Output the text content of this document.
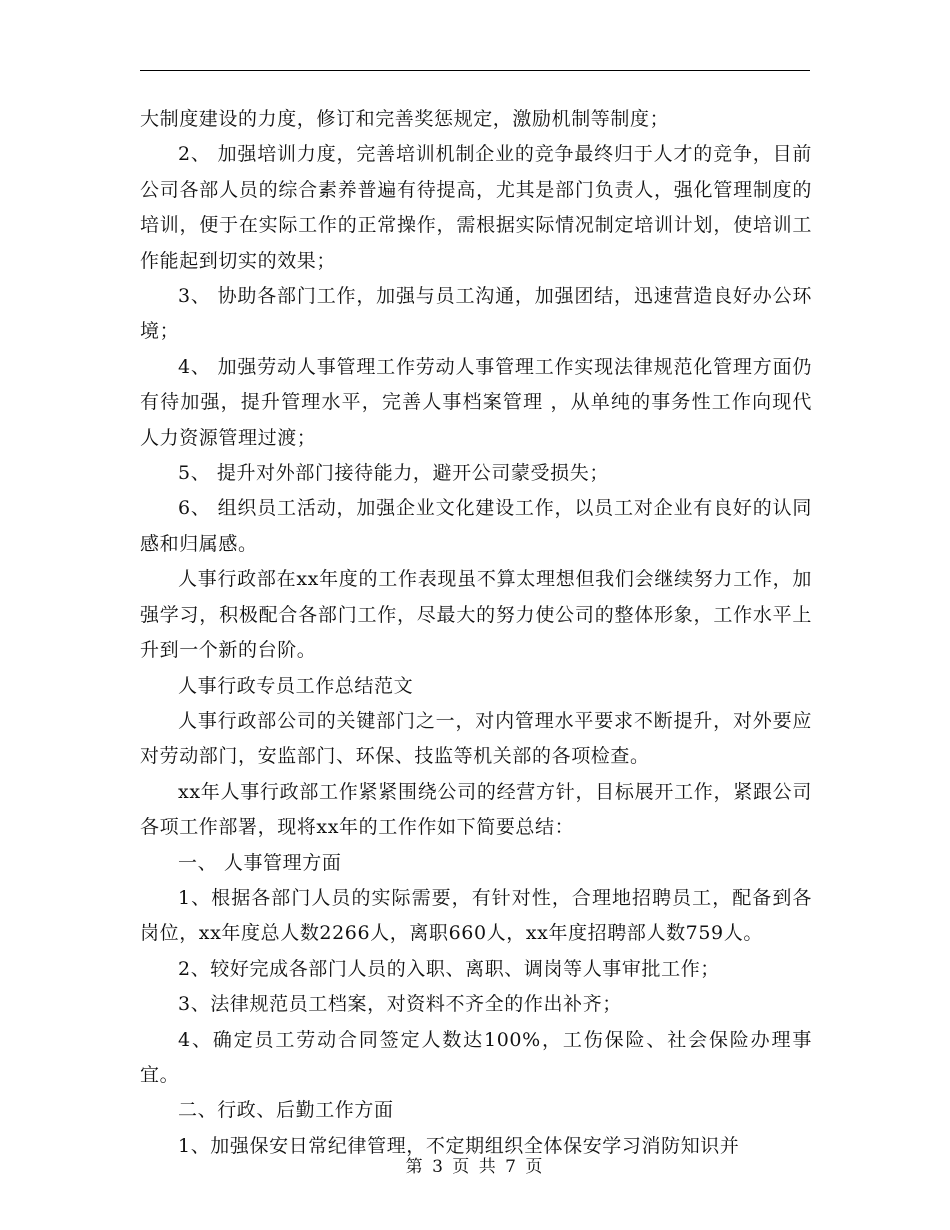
大制度建设的力度，修订和完善奖惩规定，激励机制等制度；

2、 加强培训力度，完善培训机制企业的竞争最终归于人才的竞争，目前公司各部人员的综合素养普遍有待提高，尤其是部门负责人，强化管理制度的培训，便于在实际工作的正常操作，需根据实际情况制定培训计划，使培训工作能起到切实的效果；

3、 协助各部门工作，加强与员工沟通，加强团结，迅速营造良好办公环境；

4、 加强劳动人事管理工作劳动人事管理工作实现法律规范化管理方面仍有待加强，提升管理水平，完善人事档案管理 ，从单纯的事务性工作向现代人力资源管理过渡；

5、 提升对外部门接待能力，避开公司蒙受损失；

6、 组织员工活动，加强企业文化建设工作，以员工对企业有良好的认同感和归属感。

人事行政部在xx年度的工作表现虽不算太理想但我们会继续努力工作，加强学习，积极配合各部门工作，尽最大的努力使公司的整体形象，工作水平上升到一个新的台阶。

人事行政专员工作总结范文

人事行政部公司的关键部门之一，对内管理水平要求不断提升，对外要应对劳动部门，安监部门、环保、技监等机关部的各项检查。

xx年人事行政部工作紧紧围绕公司的经营方针，目标展开工作，紧跟公司各项工作部署，现将xx年的工作作如下简要总结：

一、 人事管理方面

1、根据各部门人员的实际需要，有针对性，合理地招聘员工，配备到各岗位，xx年度总人数2266人，离职660人，xx年度招聘部人数759人。

2、较好完成各部门人员的入职、离职、调岗等人事审批工作；

3、法律规范员工档案，对资料不齐全的作出补齐；

4、确定员工劳动合同签定人数达100%，工伤保险、社会保险办理事宜。

二、行政、后勤工作方面

1、加强保安日常纪律管理，不定期组织全体保安学习消防知识并

第 3 页 共 7 页
